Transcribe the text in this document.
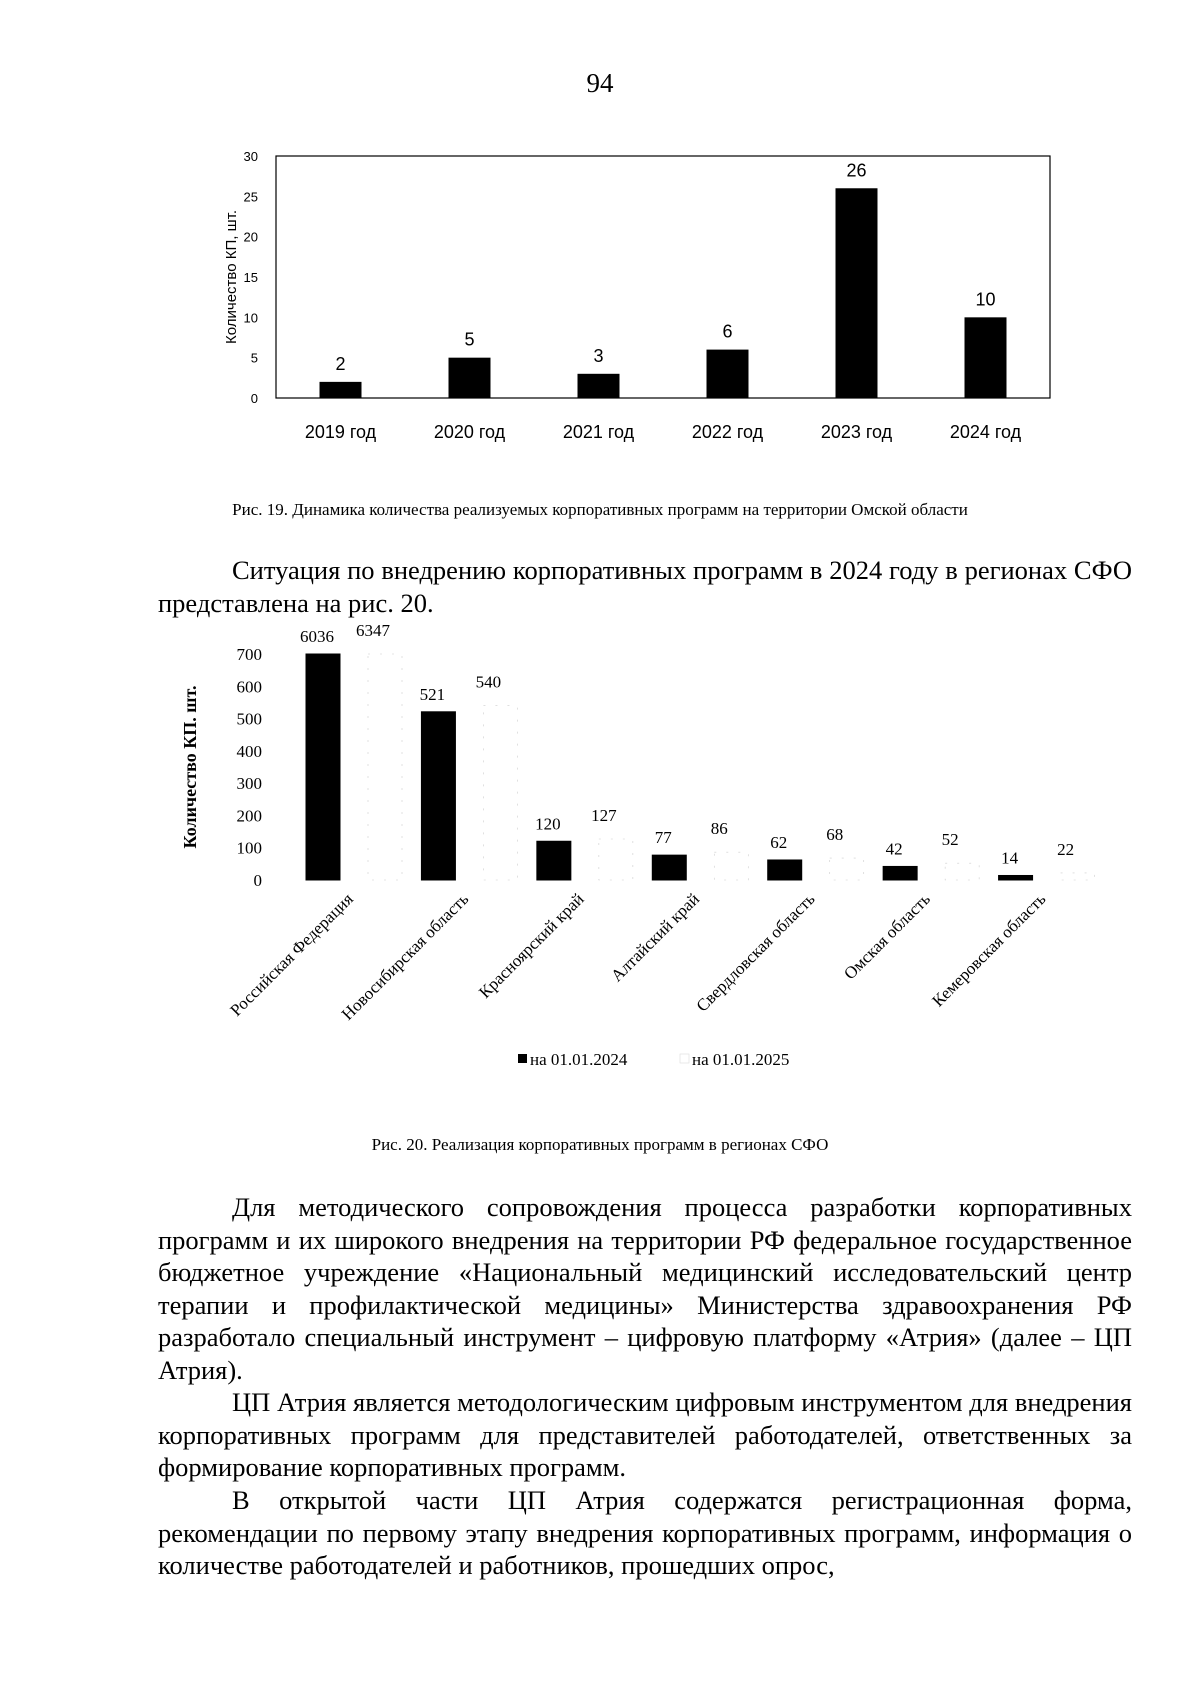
94
0
5
10
15
20
25
30
Количество КП, шт.
2
2019 год
5
2020 год
3
2021 год
6
2022 год
26
2023 год
10
2024 год
Рис. 19. Динамика количества реализуемых корпоративных программ на территории Омской области

Ситуация по внедрению корпоративных программ в 2024 году в регионах СФО представлена на рис. 20.

0
100
200
300
400
500
600
700
Количество КП. шт.
6036 6347
Российская Федерация
521
540
Новосибирская область
120 127
Красноярский край
77 86
Алтайский край
62 68
Свердловская область
42 52
Омская область
14 22
Кемеровская область
на 01.01.2024	на 01.01.2025
Рис. 20. Реализация корпоративных программ в регионах СФО

Для методического сопровождения процесса разработки корпоративных программ и их широкого внедрения на территории РФ федеральное государственное бюджетное учреждение «Национальный медицинский исследовательский центр терапии и профилактической медицины» Министерства здравоохранения РФ разработало специальный инструмент – цифровую платформу «Атрия» (далее – ЦП Атрия).

ЦП Атрия является методологическим цифровым инструментом для внедрения корпоративных программ для представителей работодателей, ответственных за формирование корпоративных программ.

В открытой части ЦП Атрия содержатся регистрационная форма, рекомендации по первому этапу внедрения корпоративных программ, информация о количестве работодателей и работников, прошедших опрос,
